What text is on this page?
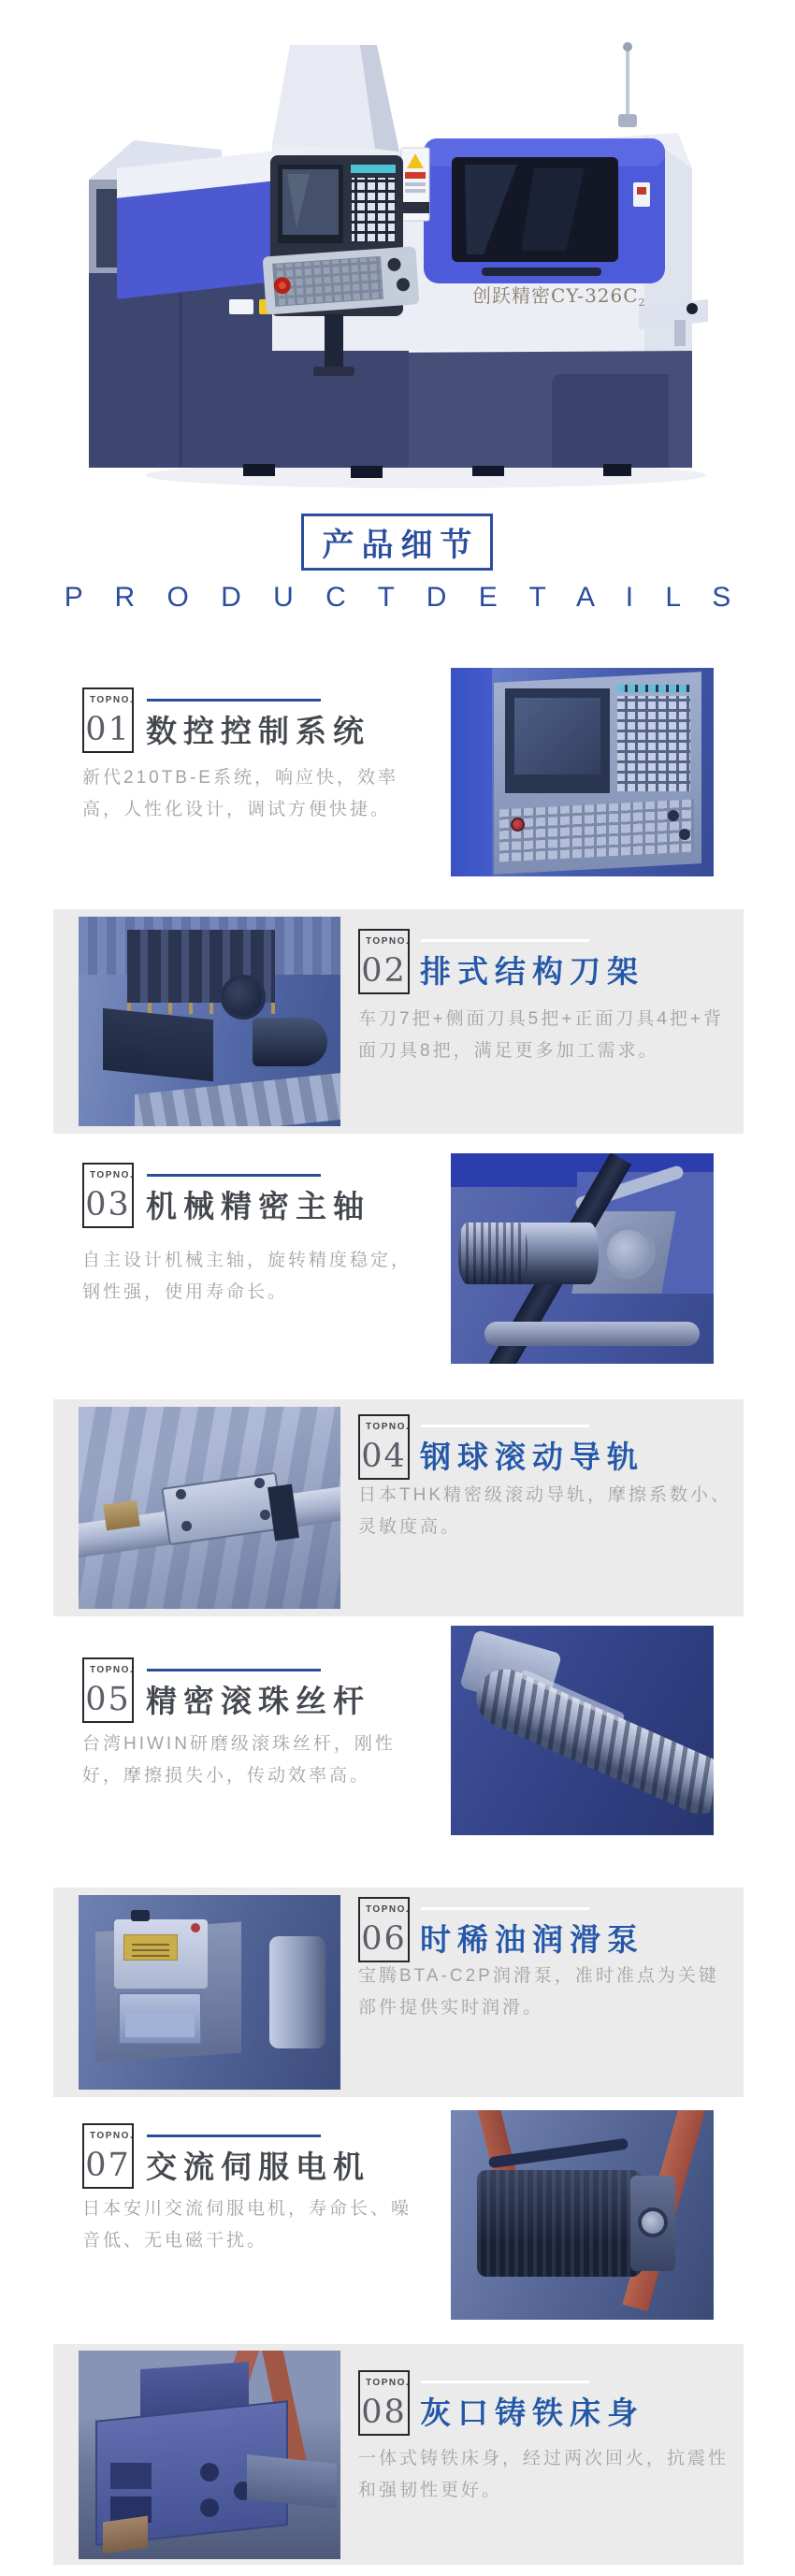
创跃精密$CY-326C_2$
产品细节
P R O D U C T D E T A I L S
TOPNO.
01 数控控制系统
新代210TB-E系统，响应快，效率高，人性化设计，调试方便快捷。
TOPNO.
02 排式结构刀架
车刀7把+侧面刀具5把+正面刀具4把+背面刀具8把，满足更多加工需求。
TOPNO.
03 机械精密主轴
自主设计机械主轴，旋转精度稳定，钢性强，使用寿命长。
TOPNO.
04 钢球滚动导轨
日本THK精密级滚动导轨，摩擦系数小、灵敏度高。
TOPNO.
05 精密滚珠丝杆
台湾HIWIN研磨级滚珠丝杆，刚性好，摩擦损失小，传动效率高。
TOPNO.
06 时稀油润滑泵
宝腾BTA-C2P润滑泵，准时准点为关键部件提供实时润滑。
TOPNO.
07 交流伺服电机
日本安川交流伺服电机，寿命长、噪音低、无电磁干扰。
TOPNO.
08 灰口铸铁床身
一体式铸铁床身，经过两次回火，抗震性和强韧性更好。
